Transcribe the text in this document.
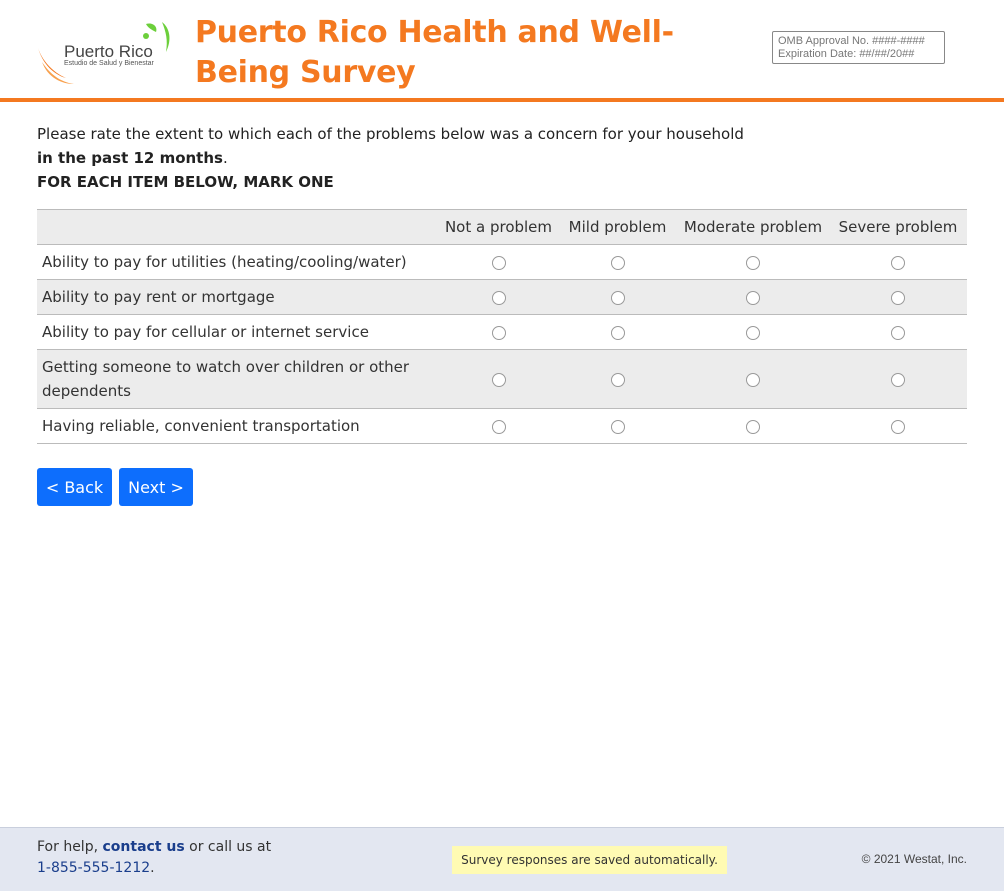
Puerto Rico
Estudio de Salud y Bienestar
Puerto Rico Health and Well-Being Survey
OMB Approval No. ####-####
Expiration Date: ##/##/20##
Please rate the extent to which each of the problems below was a concern for your household
in the past 12 months.
FOR EACH ITEM BELOW, MARK ONE
	Not a problem	Mild problem	Moderate problem	Severe problem
Ability to pay for utilities (heating/cooling/water)				
Ability to pay rent or mortgage				
Ability to pay for cellular or internet service				
Getting someone to watch over children or other dependents				
Having reliable, convenient transportation				
< Back	Next >
For help, contact us or call us at
1-855-555-1212.	Survey responses are saved automatically.	© 2021 Westat, Inc.
